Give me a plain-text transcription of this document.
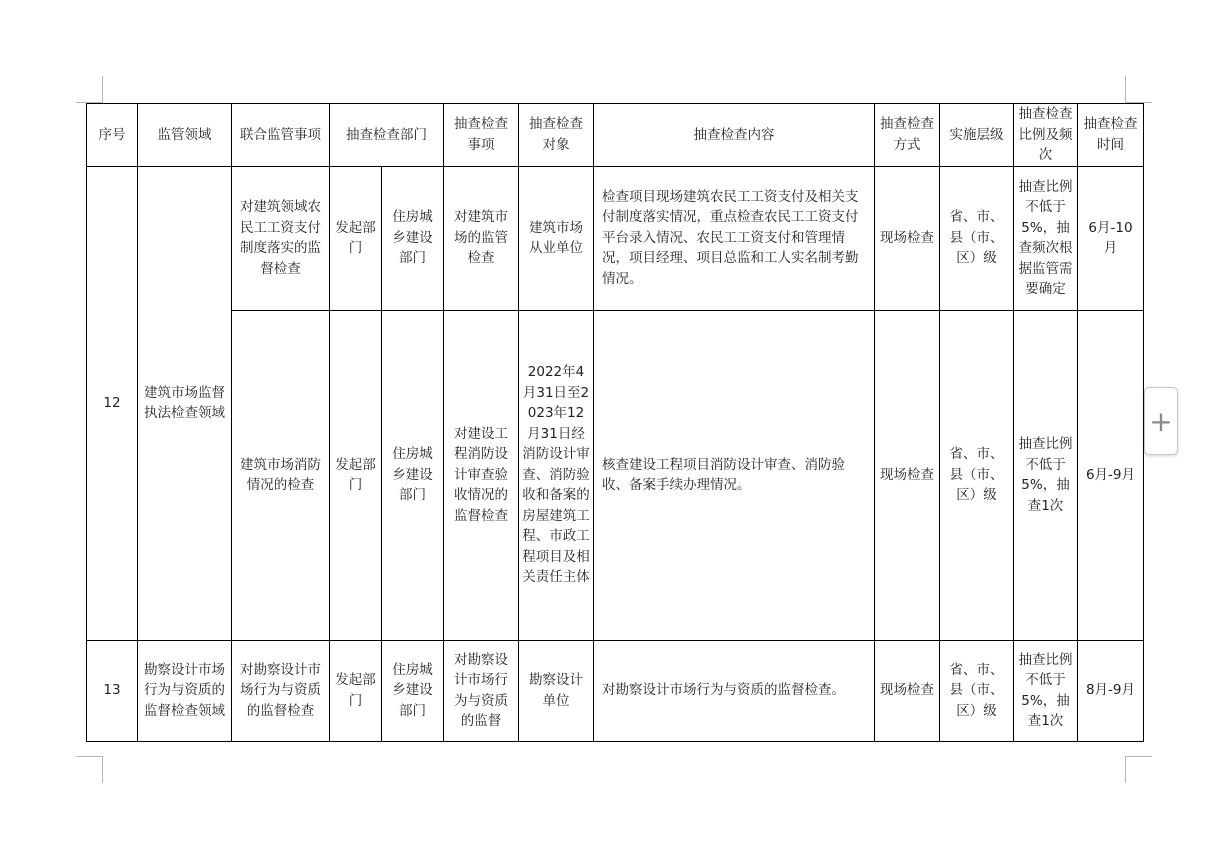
序号	监管领域	联合监管事项	抽查检查部门		抽查检查事项	抽查检查对象	抽查检查内容	抽查检查方式	实施层级	抽查检查比例及频次	抽查检查时间
12	建筑市场监督执法检查领域	对建筑领域农民工工资支付制度落实的监督检查	发起部门	住房城乡建设部门	对建筑市场的监管检查	建筑市场从业单位	检查项目现场建筑农民工工资支付及相关支付制度落实情况，重点检查农民工工资支付平台录入情况、农民工工资支付和管理情况，项目经理、项目总监和工人实名制考勤情况。	现场检查	省、市、县（市、区）级	抽查比例不低于5%，抽查频次根据监管需要确定	6月-10月
		建筑市场消防情况的检查	发起部门	住房城乡建设部门	对建设工程消防设计审查验收情况的监督检查	2022年4月31日至2023年12月31日经消防设计审查、消防验收和备案的房屋建筑工程、市政工程项目及相关责任主体	核查建设工程项目消防设计审查、消防验收、备案手续办理情况。	现场检查	省、市、县（市、区）级	抽查比例不低于5%，抽查1次	6月-9月
13	勘察设计市场行为与资质的监督检查领域	对勘察设计市场行为与资质的监督检查	发起部门	住房城乡建设部门	对勘察设计市场行为与资质的监督	勘察设计单位	对勘察设计市场行为与资质的监督检查。	现场检查	省、市、县（市、区）级	抽查比例不低于5%，抽查1次	8月-9月
+
